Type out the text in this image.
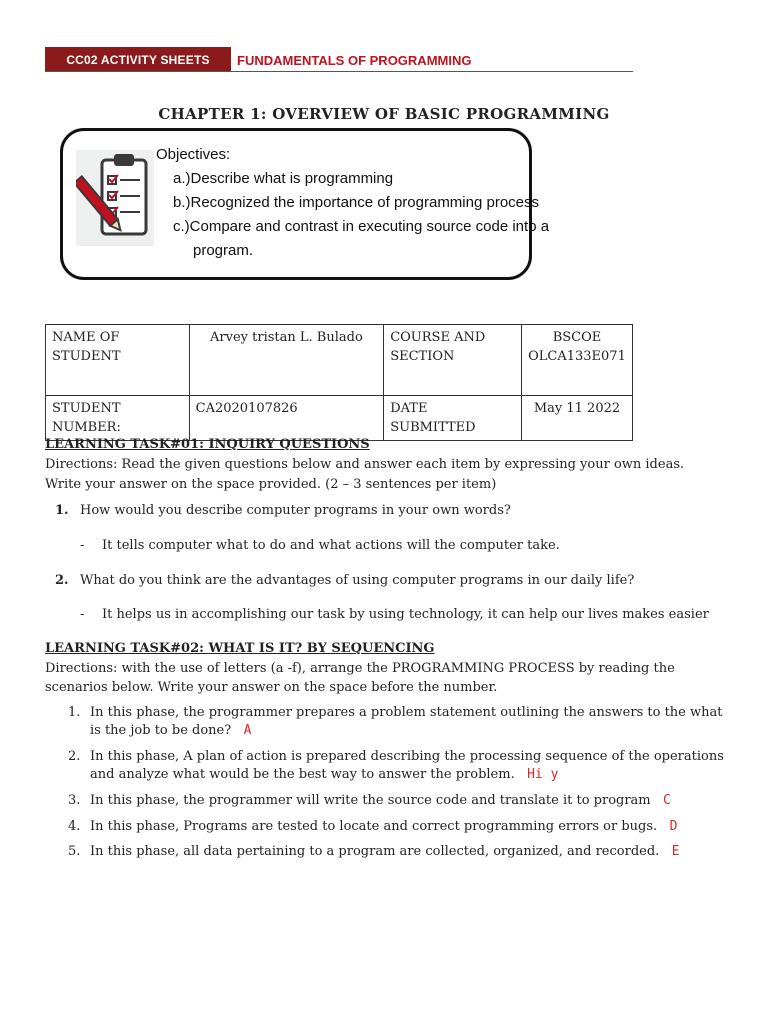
CC02 ACTIVITY SHEETS	FUNDAMENTALS OF PROGRAMMING
CHAPTER 1: OVERVIEW OF BASIC PROGRAMMING
Objectives:
a.)Describe what is programming
b.)Recognized the importance of programming process
c.)Compare and contrast in executing source code into a
program.
NAME OF STUDENT	Arvey tristan L. Bulado	COURSE AND SECTION	BSCOE OLCA133E071
STUDENT NUMBER:	CA2020107826	DATE SUBMITTED	May 11 2022
LEARNING TASK#01: INQUIRY QUESTIONS
Directions: Read the given questions below and answer each item by expressing your own ideas.
Write your answer on the space provided. (2 – 3 sentences per item)
1. How would you describe computer programs in your own words?
- It tells computer what to do and what actions will the computer take.
2. What do you think are the advantages of using computer programs in our daily life?
- It helps us in accomplishing our task by using technology, it can help our lives makes easier
LEARNING TASK#02: WHAT IS IT? BY SEQUENCING
Directions: with the use of letters (a -f), arrange the PROGRAMMING PROCESS by reading the
scenarios below. Write your answer on the space before the number.
1. In this phase, the programmer prepares a problem statement outlining the answers to the what
is the job to be done? A
2. In this phase, A plan of action is prepared describing the processing sequence of the operations
and analyze what would be the best way to answer the problem. Hi y
3. In this phase, the programmer will write the source code and translate it to program C
4. In this phase, Programs are tested to locate and correct programming errors or bugs. D
5. In this phase, all data pertaining to a program are collected, organized, and recorded. E
